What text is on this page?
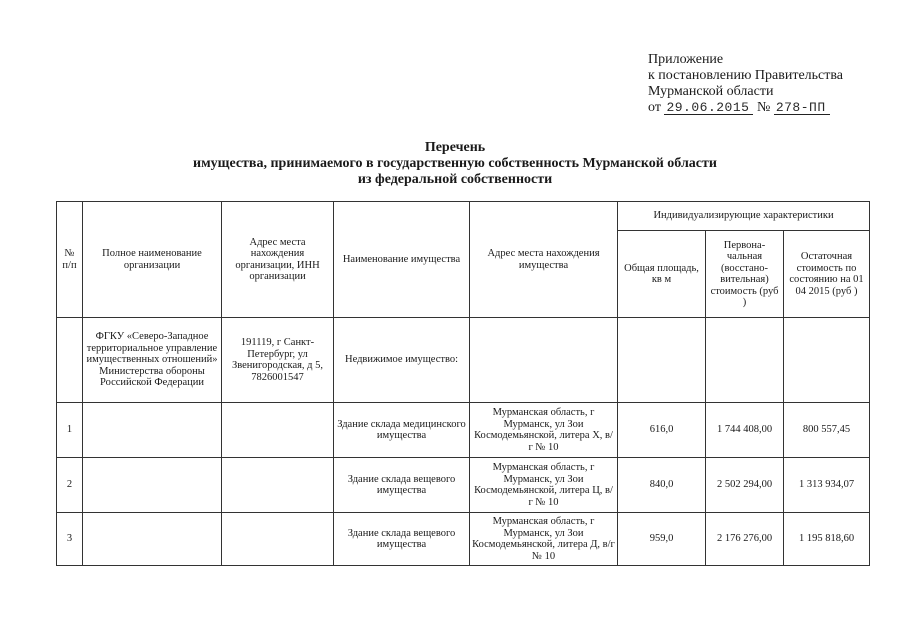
Приложение
к постановлению Правительства
Мурманской области
от 29.06.2015 № 278-ПП
Перечень
имущества, принимаемого в государственную собственность Мурманской области
из федеральной собственности
№ п/п	Полное наименование организации	Адрес места нахождения организации, ИНН организации	Наименование имущества	Адрес места нахождения имущества	Индивидуализирующие характеристики		
					Общая площадь, кв м	Первона-чальная (восстано-вительная) стоимость (руб )	Остаточная стоимость по состоянию на 01 04 2015 (руб )
	ФГКУ «Северо-Западное территориальное управление имущественных отношений» Министерства обороны Российской Федерации	191119, г Санкт-Петербург, ул Звенигородская, д 5, 7826001547	Недвижимое имущество:				
1			Здание склада медицинского имущества	Мурманская область, г Мурманск, ул Зои Космодемьянской, литера Х, в/г № 10	616,0	1 744 408,00	800 557,45
2			Здание склада вещевого имущества	Мурманская область, г Мурманск, ул Зои Космодемьянской, литера Ц, в/г № 10	840,0	2 502 294,00	1 313 934,07
3			Здание склада вещевого имущества	Мурманская область, г Мурманск, ул Зои Космодемьянской, литера Д, в/г № 10	959,0	2 176 276,00	1 195 818,60
